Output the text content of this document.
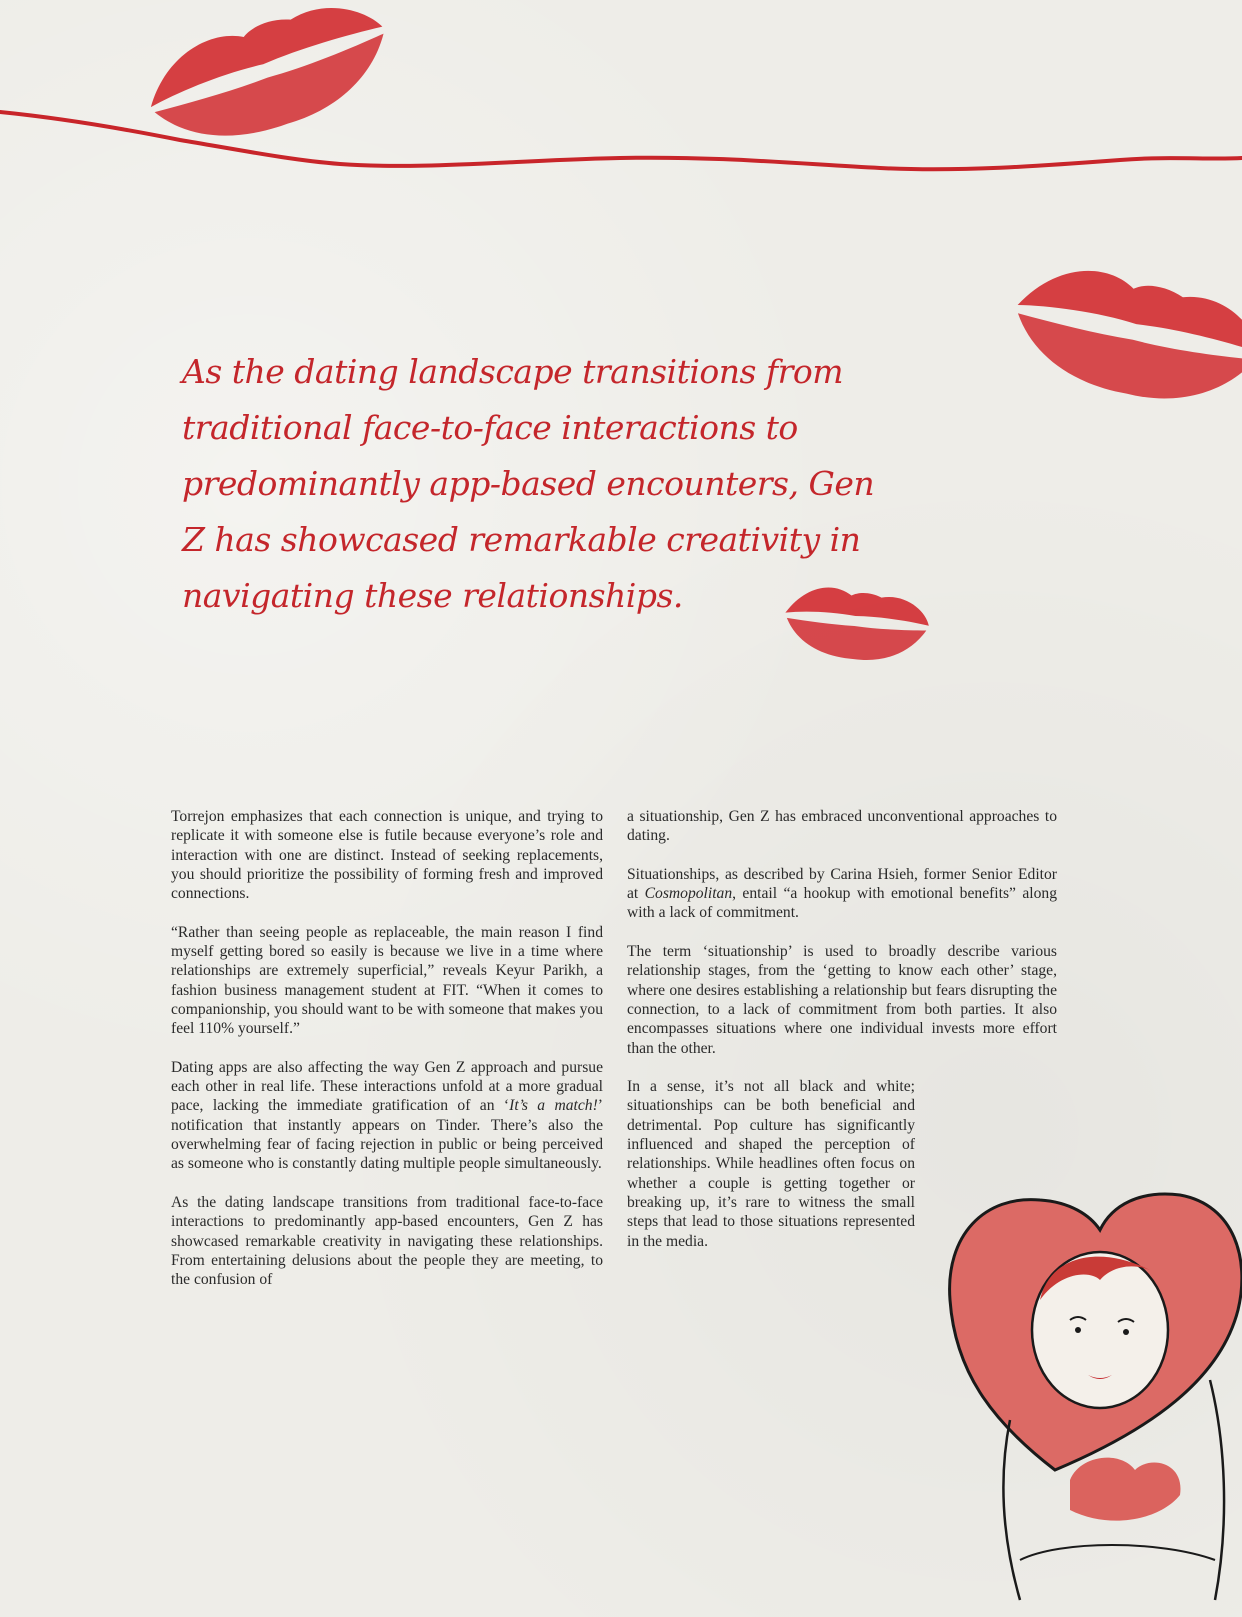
As the dating landscape transitions from traditional face-to-face interactions to predominantly app-based encounters, Gen Z has showcased remarkable creativity in navigating these relationships.

Torrejon emphasizes that each connection is unique, and trying to replicate it with someone else is futile because everyone’s role and interaction with one are distinct. Instead of seeking replacements, you should prioritize the possibility of forming fresh and improved connections.

“Rather than seeing people as replaceable, the main reason I find myself getting bored so easily is because we live in a time where relationships are extremely superficial,” reveals Keyur Parikh, a fashion business management student at FIT. “When it comes to companionship, you should want to be with someone that makes you feel 110% yourself.”

Dating apps are also affecting the way Gen Z approach and pursue each other in real life. These interactions unfold at a more gradual pace, lacking the immediate gratification of an ‘It’s a match!’ notification that instantly appears on Tinder. There’s also the overwhelming fear of facing rejection in public or being perceived as someone who is constantly dating multiple people simultaneously.

As the dating landscape transitions from traditional face-to-face interactions to predominantly app-based encounters, Gen Z has showcased remarkable creativity in navigating these relationships. From entertaining delusions about the people they are meeting, to the confusion of

a situationship, Gen Z has embraced unconventional approaches to dating.

Situationships, as described by Carina Hsieh, former Senior Editor at Cosmopolitan, entail “a hookup with emotional benefits” along with a lack of commitment.

The term ‘situationship’ is used to broadly describe various relationship stages, from the ‘getting to know each other’ stage, where one desires establishing a relationship but fears disrupting the connection, to a lack of commitment from both parties. It also encompasses situations where one individual invests more effort than the other.

In a sense, it’s not all black and white; situationships can be both beneficial and detrimental. Pop culture has significantly influenced and shaped the perception of relationships. While headlines often focus on whether a couple is getting together or breaking up, it’s rare to witness the small steps that lead to those situations represented in the media.
